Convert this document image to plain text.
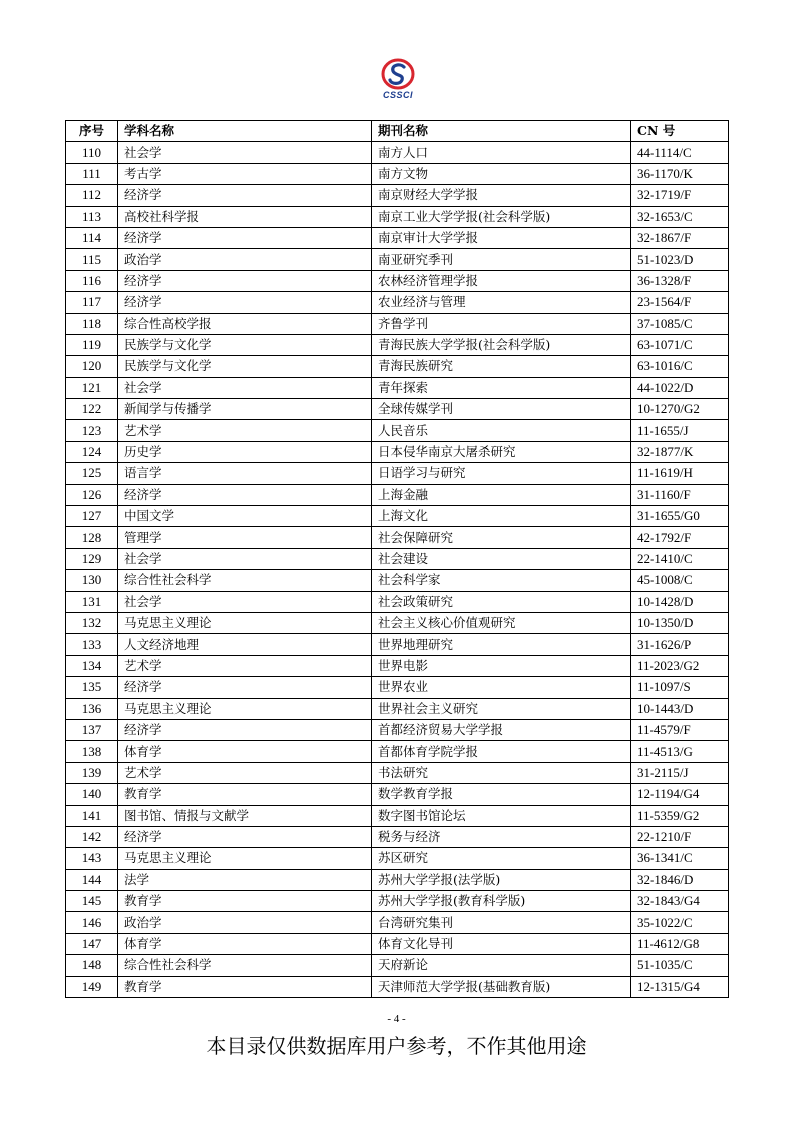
CSSCI
序号	学科名称	期刊名称	CN 号
110	社会学	南方人口	44-1114/C
111	考古学	南方文物	36-1170/K
112	经济学	南京财经大学学报	32-1719/F
113	高校社科学报	南京工业大学学报(社会科学版)	32-1653/C
114	经济学	南京审计大学学报	32-1867/F
115	政治学	南亚研究季刊	51-1023/D
116	经济学	农林经济管理学报	36-1328/F
117	经济学	农业经济与管理	23-1564/F
118	综合性高校学报	齐鲁学刊	37-1085/C
119	民族学与文化学	青海民族大学学报(社会科学版)	63-1071/C
120	民族学与文化学	青海民族研究	63-1016/C
121	社会学	青年探索	44-1022/D
122	新闻学与传播学	全球传媒学刊	10-1270/G2
123	艺术学	人民音乐	11-1655/J
124	历史学	日本侵华南京大屠杀研究	32-1877/K
125	语言学	日语学习与研究	11-1619/H
126	经济学	上海金融	31-1160/F
127	中国文学	上海文化	31-1655/G0
128	管理学	社会保障研究	42-1792/F
129	社会学	社会建设	22-1410/C
130	综合性社会科学	社会科学家	45-1008/C
131	社会学	社会政策研究	10-1428/D
132	马克思主义理论	社会主义核心价值观研究	10-1350/D
133	人文经济地理	世界地理研究	31-1626/P
134	艺术学	世界电影	11-2023/G2
135	经济学	世界农业	11-1097/S
136	马克思主义理论	世界社会主义研究	10-1443/D
137	经济学	首都经济贸易大学学报	11-4579/F
138	体育学	首都体育学院学报	11-4513/G
139	艺术学	书法研究	31-2115/J
140	教育学	数学教育学报	12-1194/G4
141	图书馆、情报与文献学	数字图书馆论坛	11-5359/G2
142	经济学	税务与经济	22-1210/F
143	马克思主义理论	苏区研究	36-1341/C
144	法学	苏州大学学报(法学版)	32-1846/D
145	教育学	苏州大学学报(教育科学版)	32-1843/G4
146	政治学	台湾研究集刊	35-1022/C
147	体育学	体育文化导刊	11-4612/G8
148	综合性社会科学	天府新论	51-1035/C
149	教育学	天津师范大学学报(基础教育版)	12-1315/G4
- 4 -
本目录仅供数据库用户参考，不作其他用途
